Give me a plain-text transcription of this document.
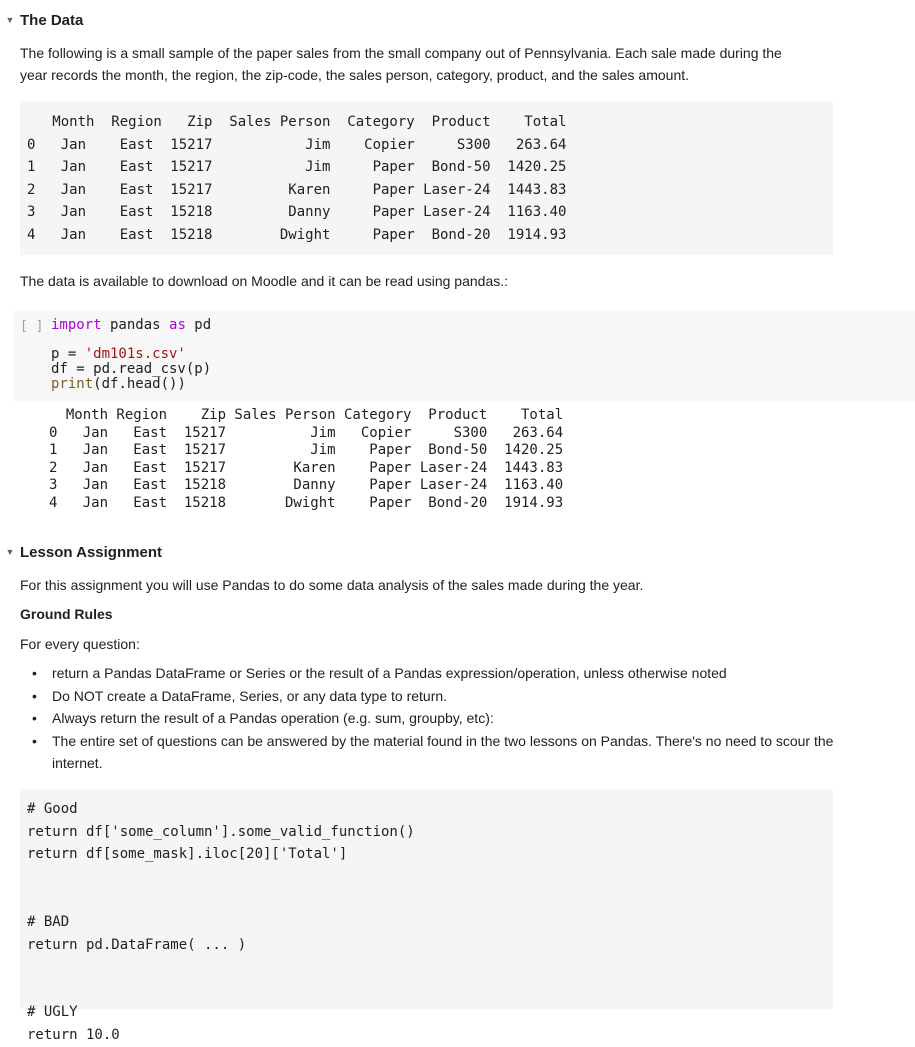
▼ The Data

The following is a small sample of the paper sales from the small company out of Pennsylvania. Each sale made during the
year records the month, the region, the zip-code, the sales person, category, product, and the sales amount.

Month  Region   Zip  Sales Person  Category  Product    Total
0   Jan    East  15217           Jim    Copier     S300   263.64
1   Jan    East  15217           Jim     Paper  Bond-50  1420.25
2   Jan    East  15217         Karen     Paper Laser-24  1443.83
3   Jan    East  15218         Danny     Paper Laser-24  1163.40
4   Jan    East  15218        Dwight     Paper  Bond-20  1914.93

The data is available to download on Moodle and it can be read using pandas.:

[ ] import pandas as pd
p = 'dm101s.csv'
df = pd.read_csv(p)
print(df.head())
Month Region    Zip Sales Person Category  Product    Total
0   Jan   East  15217          Jim   Copier     S300   263.64
1   Jan   East  15217          Jim    Paper  Bond-50  1420.25
2   Jan   East  15217        Karen    Paper Laser-24  1443.83
3   Jan   East  15218        Danny    Paper Laser-24  1163.40
4   Jan   East  15218       Dwight    Paper  Bond-20  1914.93
▼ Lesson Assignment

For this assignment you will use Pandas to do some data analysis of the sales made during the year.

Ground Rules

For every question:

• return a Pandas DataFrame or Series or the result of a Pandas expression/operation, unless otherwise noted
• Do NOT create a DataFrame, Series, or any data type to return.
• Always return the result of a Pandas operation (e.g. sum, groupby, etc):
• The entire set of questions can be answered by the material found in the two lessons on Pandas. There's no need to scour the internet.
# Good
return df['some_column'].some_valid_function()
return df[some_mask].iloc[20]['Total']

# BAD
return pd.DataFrame( ... )

# UGLY
return 10.0
